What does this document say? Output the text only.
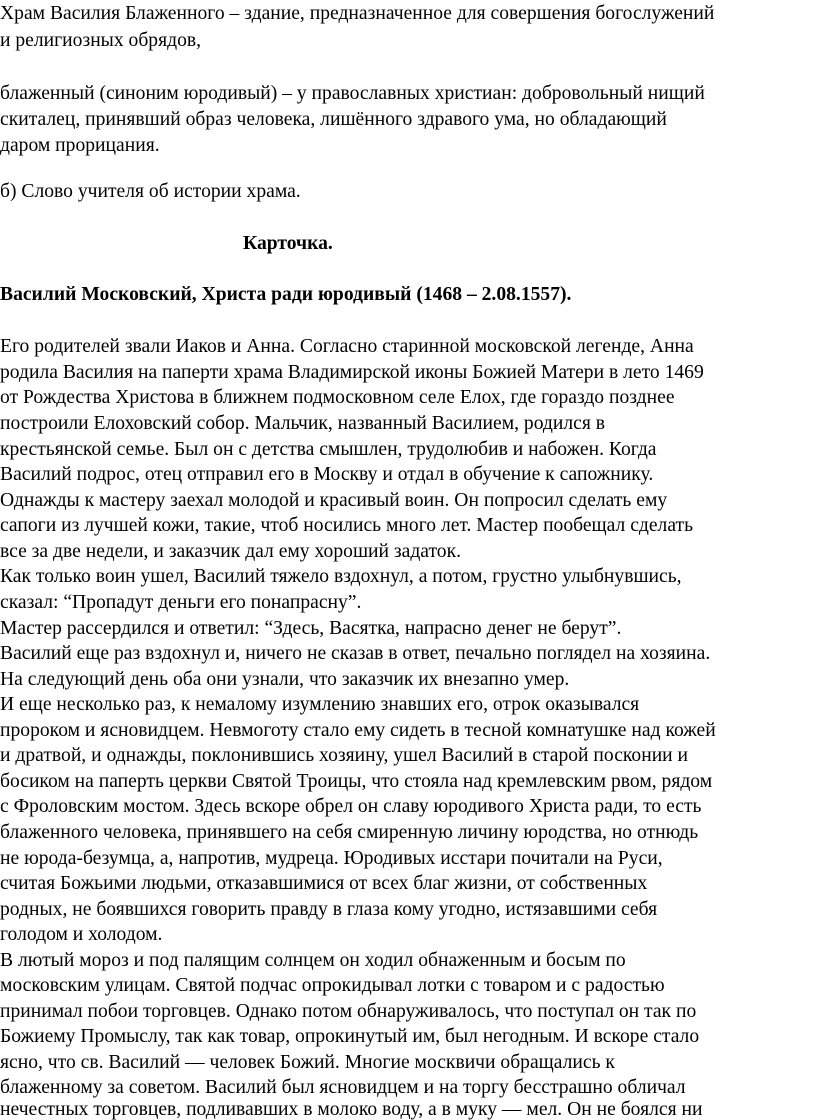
Храм Василия Блаженного – здание, предназначенное для совершения богослужений
и религиозных обрядов,
блаженный (синоним юродивый) – у православных христиан: добровольный нищий
скиталец, принявший образ человека, лишённого здравого ума, но обладающий
даром прорицания.
б) Слово учителя об истории храма.
Карточка.
Василий Московский, Христа ради юродивый (1468 – 2.08.1557).
Его родителей звали Иаков и Анна. Согласно старинной московской легенде, Анна
родила Василия на паперти храма Владимирской иконы Божией Матери в лето 1469
от Рождества Христова в ближнем подмосковном селе Елох, где гораздо позднее
построили Елоховский собор. Мальчик, названный Василием, родился в
крестьянской семье. Был он с детства смышлен, трудолюбив и набожен. Когда
Василий подрос, отец отправил его в Москву и отдал в обучение к сапожнику.
Однажды к мастеру заехал молодой и красивый воин. Он попросил сделать ему
сапоги из лучшей кожи, такие, чтоб носились много лет. Мастер пообещал сделать
все за две недели, и заказчик дал ему хороший задаток.
Как только воин ушел, Василий тяжело вздохнул, а потом, грустно улыбнувшись,
сказал: “Пропадут деньги его понапрасну”.
Мастер рассердился и ответил: “Здесь, Васятка, напрасно денег не берут”.
Василий еще раз вздохнул и, ничего не сказав в ответ, печально поглядел на хозяина.
На следующий день оба они узнали, что заказчик их внезапно умер.
И еще несколько раз, к немалому изумлению знавших его, отрок оказывался
пророком и ясновидцем. Невмоготу стало ему сидеть в тесной комнатушке над кожей
и дратвой, и однажды, поклонившись хозяину, ушел Василий в старой посконии и
босиком на паперть церкви Святой Троицы, что стояла над кремлевским рвом, рядом
с Фроловским мостом. Здесь вскоре обрел он славу юродивого Христа ради, то есть
блаженного человека, принявшего на себя смиренную личину юродства, но отнюдь
не юрода-безумца, а, напротив, мудреца. Юродивых исстари почитали на Руси,
считая Божьими людьми, отказавшимися от всех благ жизни, от собственных
родных, не боявшихся говорить правду в глаза кому угодно, истязавшими себя
голодом и холодом.
В лютый мороз и под палящим солнцем он ходил обнаженным и босым по
московским улицам. Святой подчас опрокидывал лотки с товаром и с радостью
принимал побои торговцев. Однако потом обнаруживалось, что поступал он так по
Божиему Промыслу, так как товар, опрокинутый им, был негодным. И вскоре стало
ясно, что св. Василий — человек Божий. Многие москвичи обращались к
блаженному за советом. Василий был ясновидцем и на торгу бесстрашно обличал
нечестных торговцев, подливавших в молоко воду, а в муку — мел. Он не боялся ни
